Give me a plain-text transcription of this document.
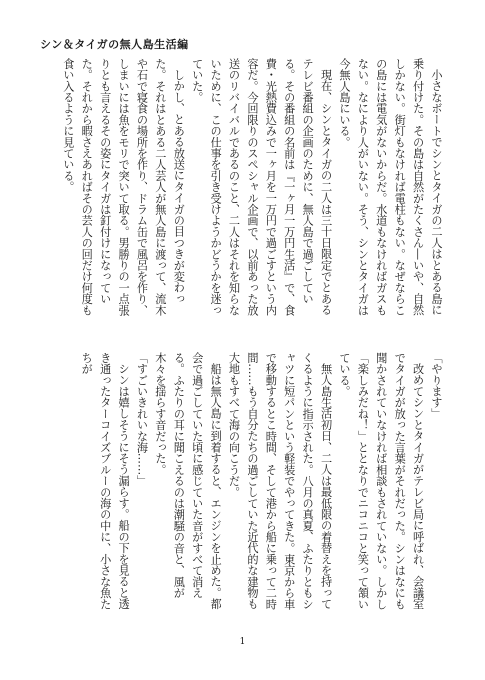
シン＆タイガの無人島生活編

小さなボートでシンとタイガの二人はとある島に乗り付けた。その島は自然がたくさん―いや、自然しかない。街灯もなければ電柱もない。なぜならこの島には電気がないからだ。水道もなければガスもない。なにより人がいない。そう、シンとタイガは今無人島にいる。

現在、シンとタイガの二人は三十日限定でとあるテレビ番組の企画のために、無人島で過ごしている。その番組の名前は『一ヶ月一万円生活』で、食費・光熱費込みで一ヶ月を一万円で過ごすという内容だ。今回限りのスペシャル企画で、以前あった放送のリバイバルであるのこと、二人はそれを知らないために、この仕事を引き受けようかどうかを迷っていた。

しかし、とある放送にタイガの目つきが変わった。それはとある二人芸人が無人島に渡って、流木や石で寝食の場所を作り、ドラム缶で風呂を作り、しまいには魚をモリで突いて取る。男勝りの一点張りとも言えるその姿にタイガは釘付けになっていた。それから暇さえあればその芸人の回だけ何度も食い入るように見ている。

「やります」

改めてシンとタイガがテレビ局に呼ばれ、会議室でタイガが放った言葉がそれだった。シンはなにも聞かされていなければ相談もされていない。しかし「楽しみだね！」ととなりでニコニコと笑って頷いている。

無人島生活初日、二人は最低限の着替えを持ってくるように指示された。八月の真夏、ふたりともシャツに短パンという軽装でやってきた。東京から車で移動するとこ時間、そして港から船に乗って二時間……もう自分たちの過ごしていた近代的な建物も大地もすべて海の向こうだ。

船は無人島に到着すると、エンジンを止めた。都会で過ごしていた頃に感じていた音がすべて消える。ふたりの耳に聞こえるのは潮騒の音と、風が木々を揺らす音だった。

「すごいきれいな海……」

シンは嬉しそうにそう漏らす。船の下を見ると透き通ったターコイズブルーの海の中に、小さな魚たちが

1
